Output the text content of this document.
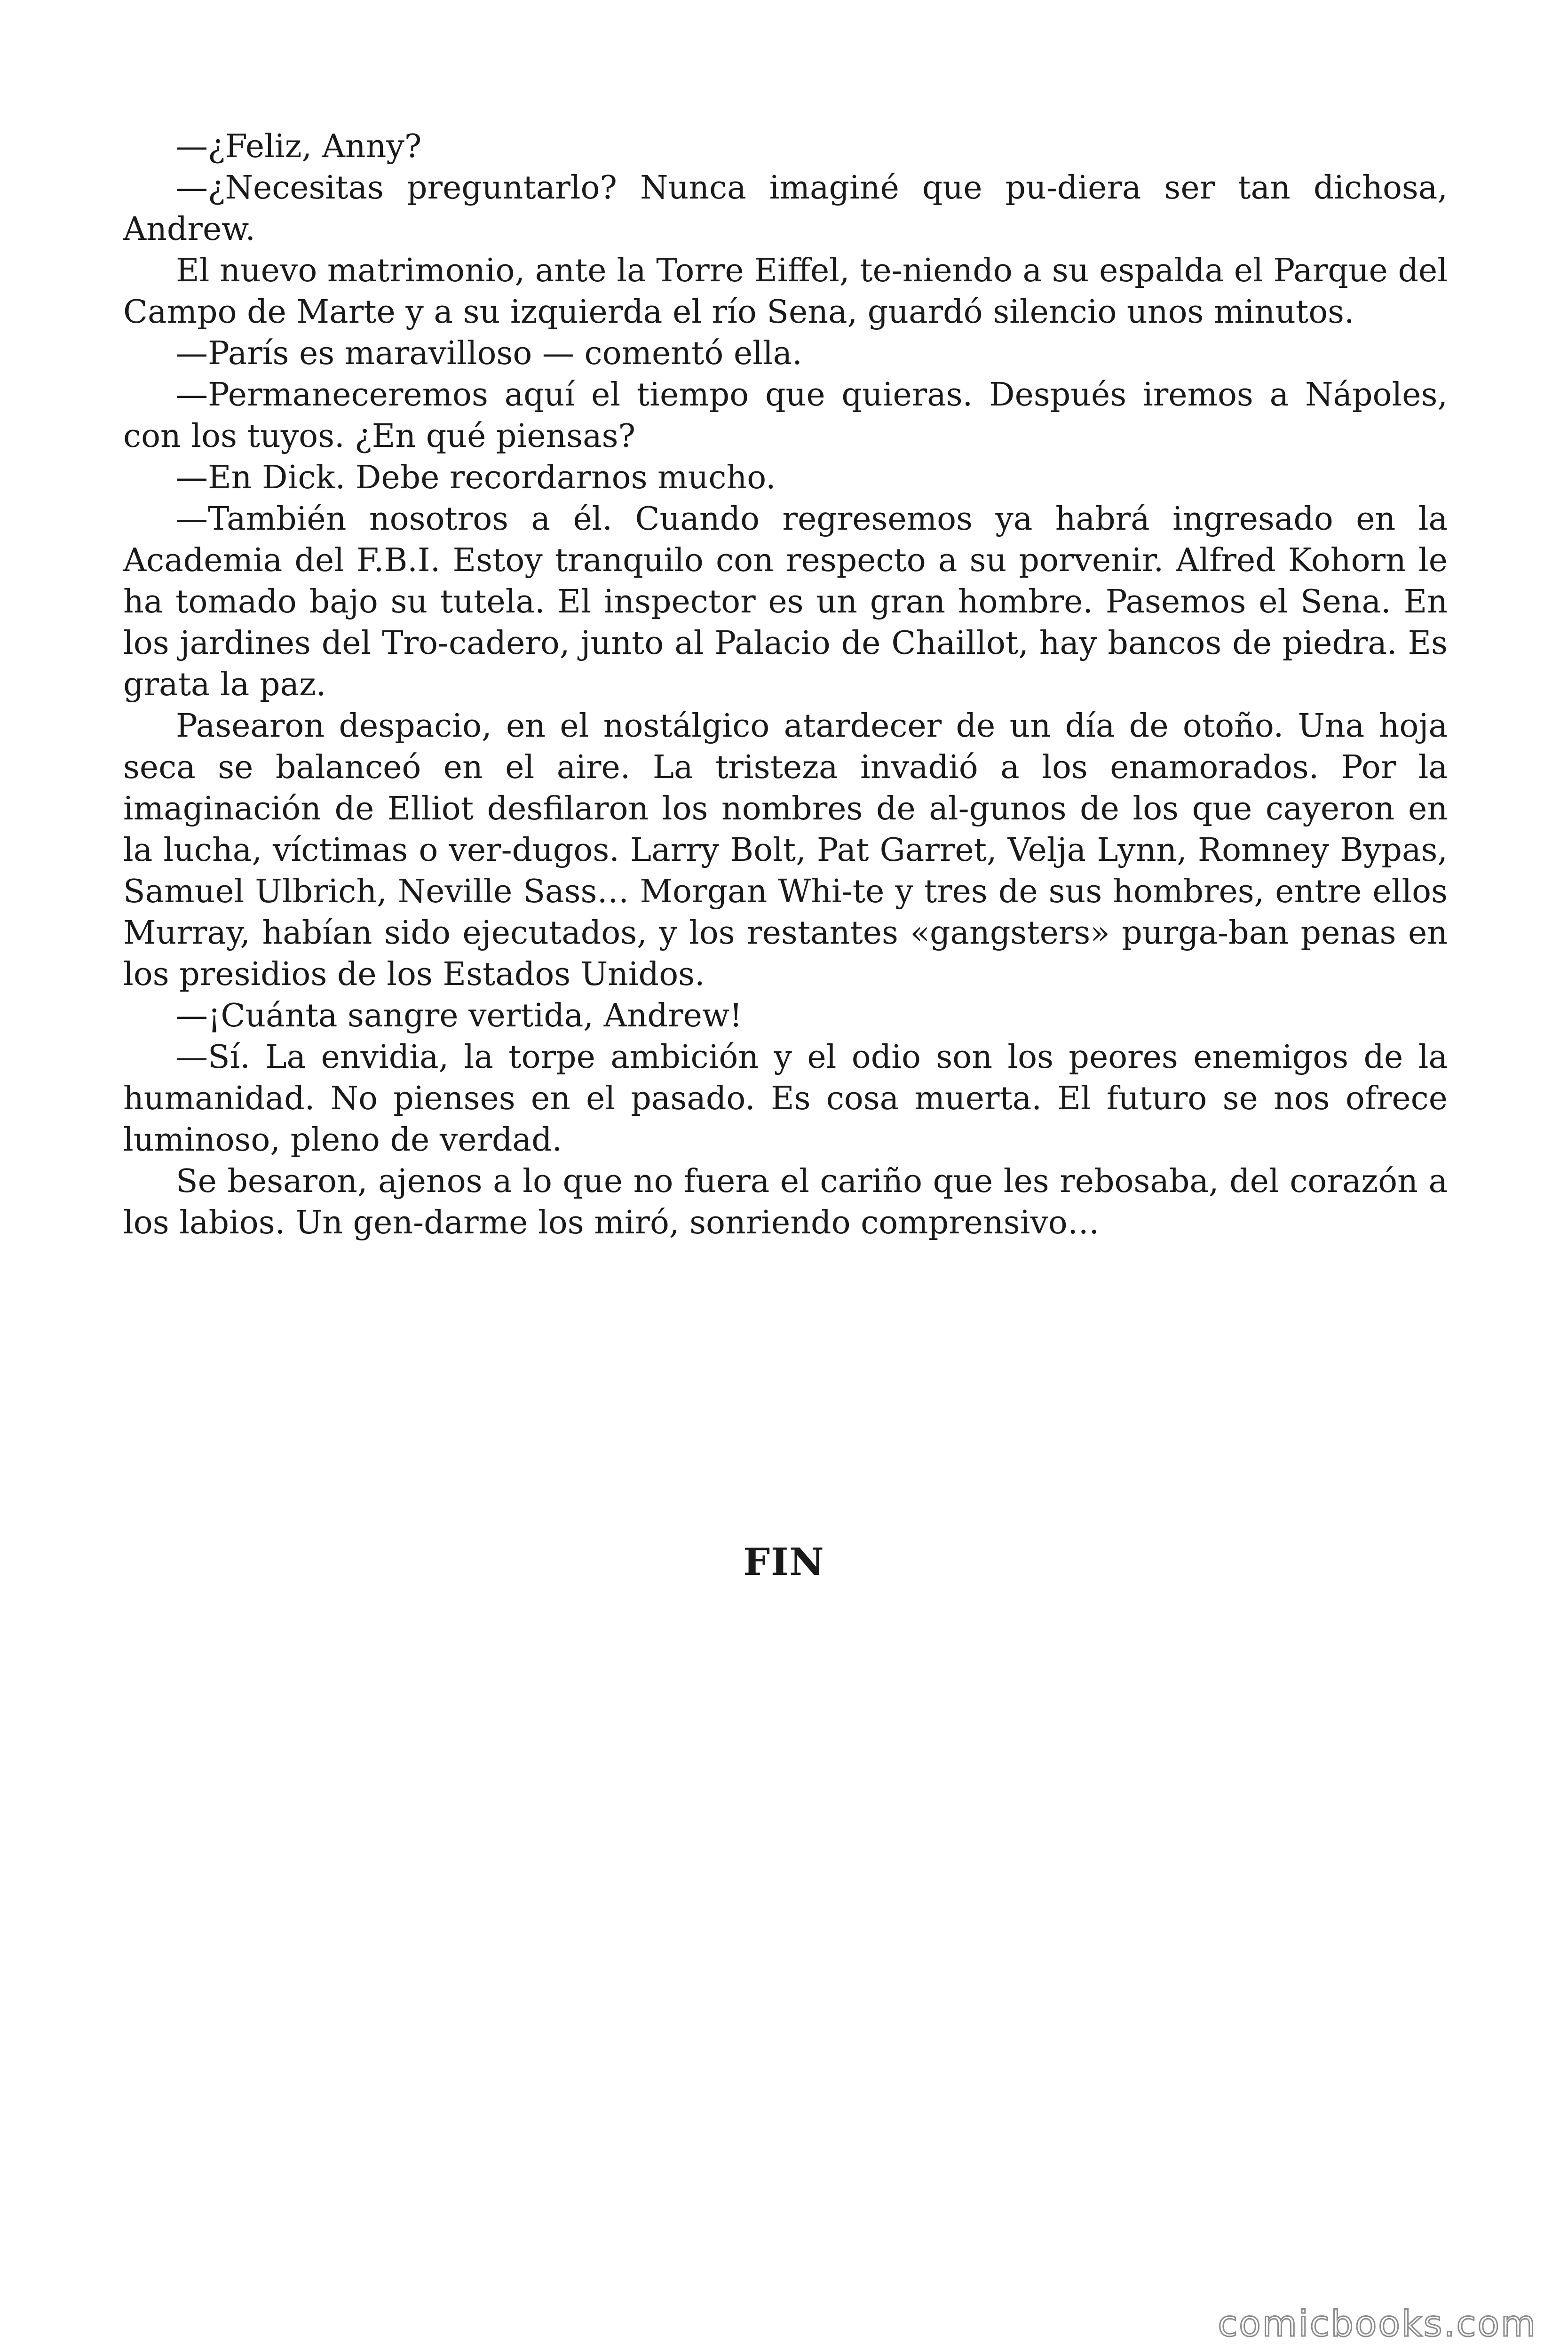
—¿Feliz, Anny?

—¿Necesitas preguntarlo? Nunca imaginé que pu-diera ser tan dichosa, Andrew.

El nuevo matrimonio, ante la Torre Eiffel, te-niendo a su espalda el Parque del Campo de Marte y a su izquierda el río Sena, guardó silencio unos minutos.

—París es maravilloso — comentó ella.

—Permaneceremos aquí el tiempo que quieras. Después iremos a Nápoles, con los tuyos. ¿En qué piensas?

—En Dick. Debe recordarnos mucho.

—También nosotros a él. Cuando regresemos ya habrá ingresado en la Academia del F.B.I. Estoy tranquilo con respecto a su porvenir. Alfred Kohorn le ha tomado bajo su tutela. El inspector es un gran hombre. Pasemos el Sena. En los jardines del Tro-cadero, junto al Palacio de Chaillot, hay bancos de piedra. Es grata la paz.

Pasearon despacio, en el nostálgico atardecer de un día de otoño. Una hoja seca se balanceó en el aire. La tristeza invadió a los enamorados. Por la imaginación de Elliot desfilaron los nombres de al-gunos de los que cayeron en la lucha, víctimas o ver-dugos. Larry Bolt, Pat Garret, Velja Lynn, Romney Bypas, Samuel Ulbrich, Neville Sass… Morgan Whi-te y tres de sus hombres, entre ellos Murray, habían sido ejecutados, y los restantes «gangsters» purga-ban penas en los presidios de los Estados Unidos.

—¡Cuánta sangre vertida, Andrew!

—Sí. La envidia, la torpe ambición y el odio son los peores enemigos de la humanidad. No pienses en el pasado. Es cosa muerta. El futuro se nos ofrece luminoso, pleno de verdad.

Se besaron, ajenos a lo que no fuera el cariño que les rebosaba, del corazón a los labios. Un gen-darme los miró, sonriendo comprensivo…

FIN
comicbooks.com
